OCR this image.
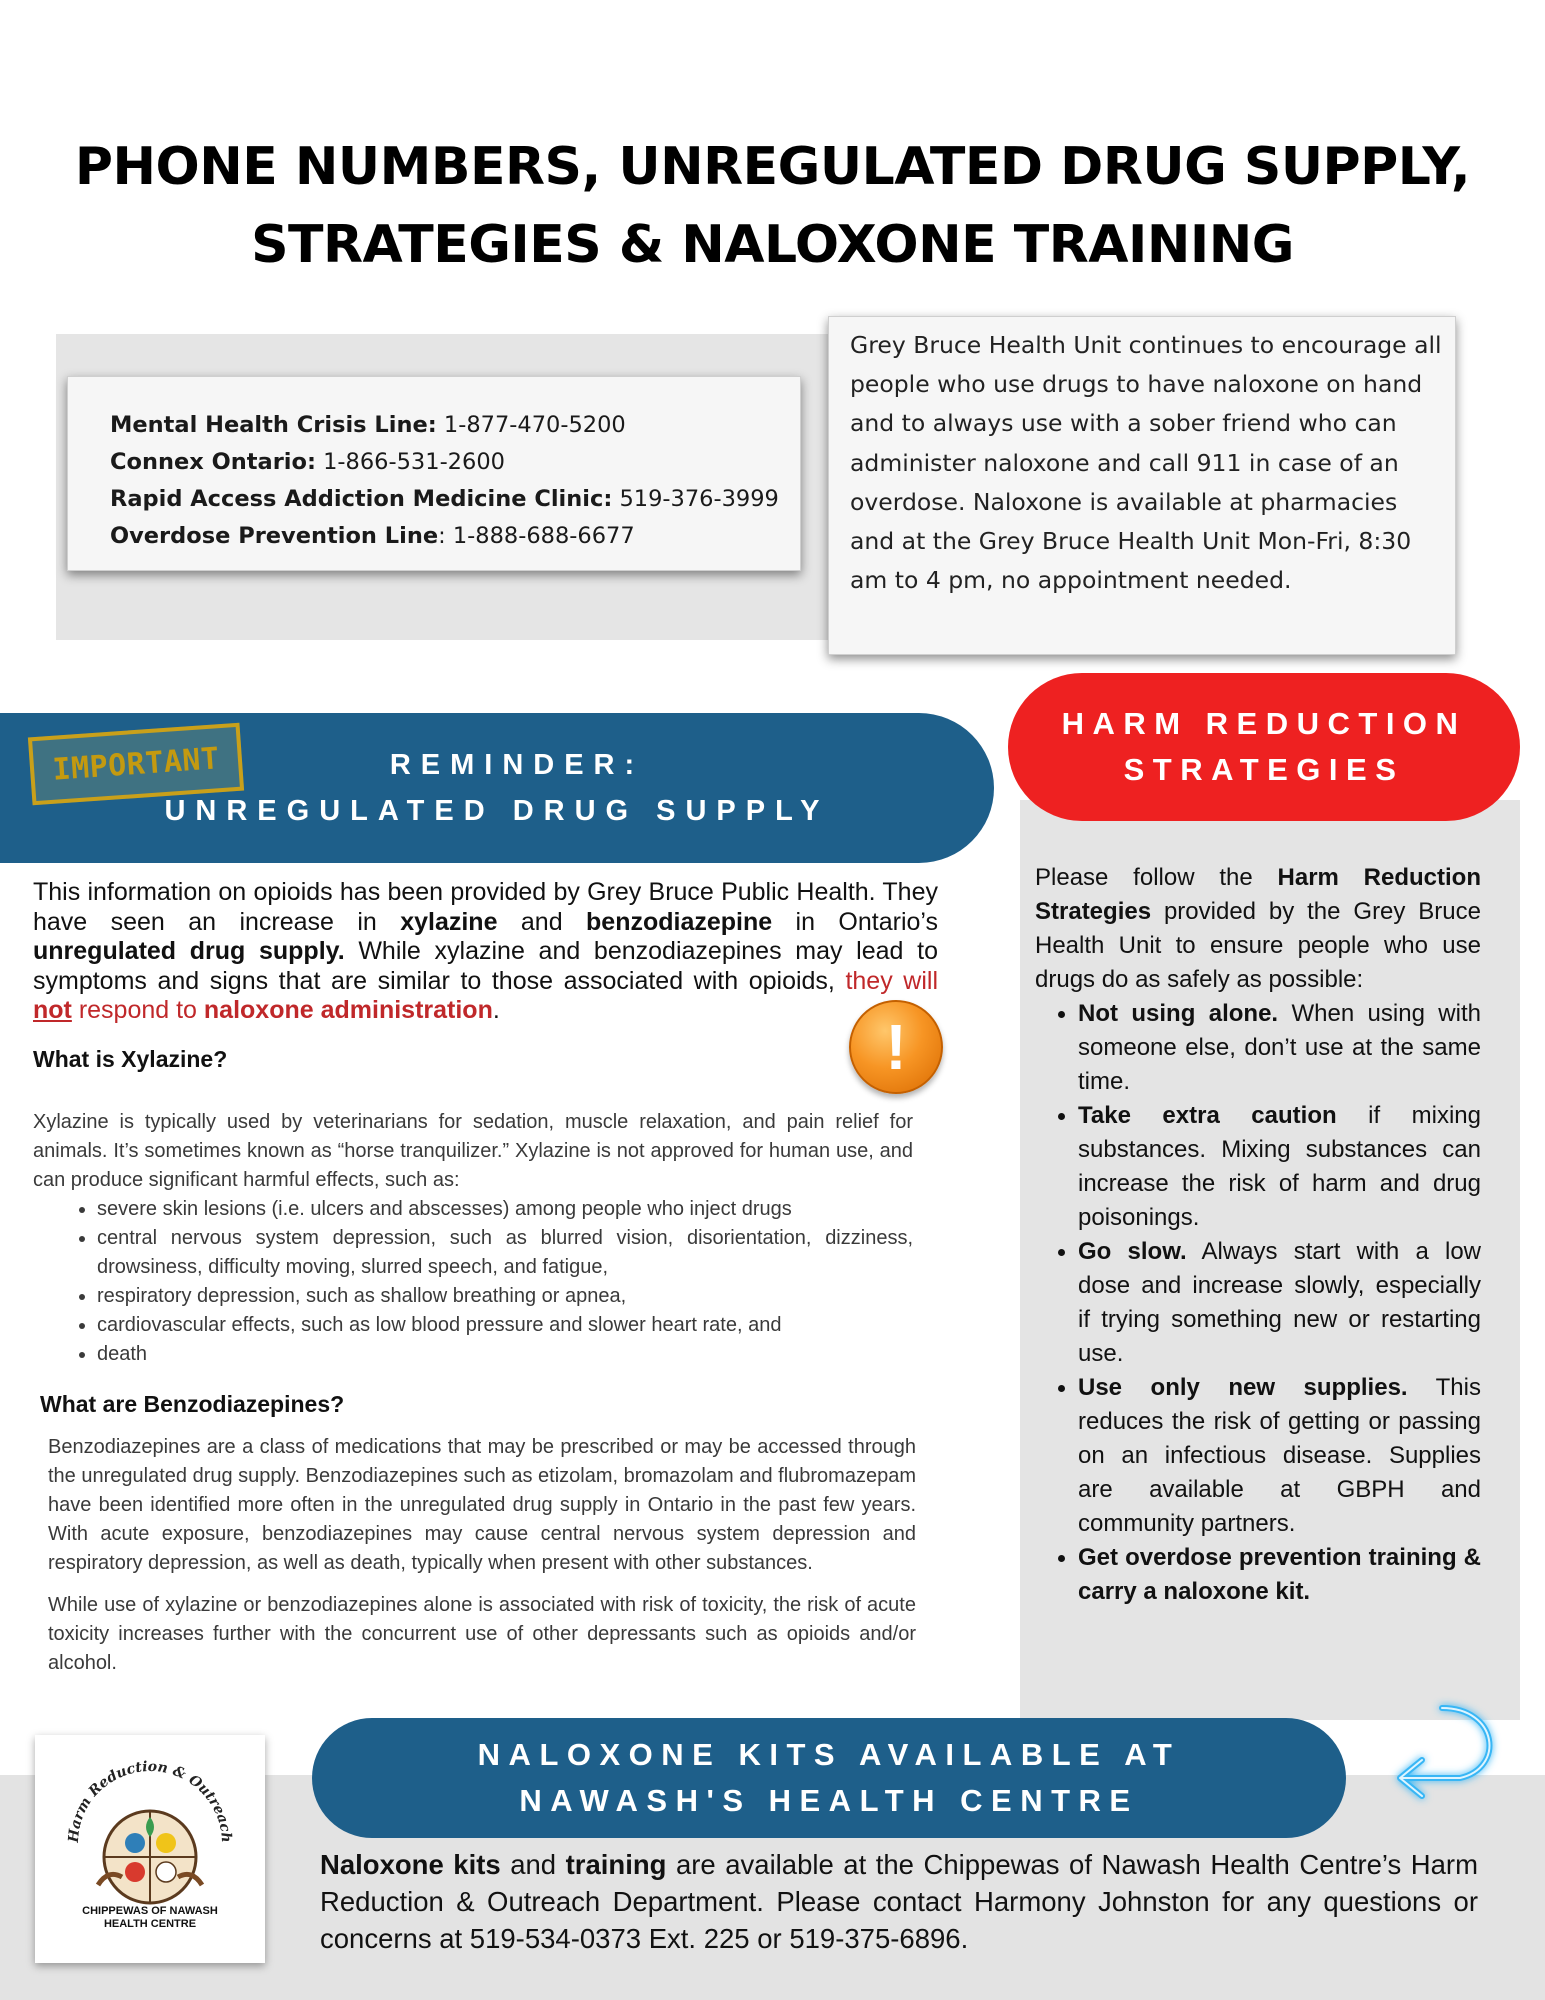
PHONE NUMBERS, UNREGULATED DRUG SUPPLY,
STRATEGIES & NALOXONE TRAINING
Mental Health Crisis Line: 1-877-470-5200
Connex Ontario: 1-866-531-2600
Rapid Access Addiction Medicine Clinic: 519-376-3999
Overdose Prevention Line: 1-888-688-6677

Grey Bruce Health Unit continues to encourage all people who use drugs to have naloxone on hand and to always use with a sober friend who can administer naloxone and call 911 in case of an overdose. Naloxone is available at pharmacies and at the Grey Bruce Health Unit Mon-Fri, 8:30 am to 4 pm, no appointment needed.

REMINDER:
UNREGULATED DRUG SUPPLY
IMPORTANT
HARM REDUCTION
STRATEGIES

Please follow the Harm Reduction Strategies provided by the Grey Bruce Health Unit to ensure people who use drugs do as safely as possible:

• Not using alone. When using with someone else, don’t use at the same time.
• Take extra caution if mixing substances. Mixing substances can increase the risk of harm and drug poisonings.
• Go slow. Always start with a low dose and increase slowly, especially if trying something new or restarting use.
• Use only new supplies. This reduces the risk of getting or passing on an infectious disease. Supplies are available at GBPH and community partners.
• Get overdose prevention training & carry a naloxone kit.
This information on opioids has been provided by Grey Bruce Public Health. They have seen an increase in xylazine and benzodiazepine in Ontario’s unregulated drug supply. While xylazine and benzodiazepines may lead to symptoms and signs that are similar to those associated with opioids, they will not respond to naloxone administration.
!
What is Xylazine?

Xylazine is typically used by veterinarians for sedation, muscle relaxation, and pain relief for animals. It’s sometimes known as “horse tranquilizer.” Xylazine is not approved for human use, and can produce significant harmful effects, such as:

• severe skin lesions (i.e. ulcers and abscesses) among people who inject drugs
• central nervous system depression, such as blurred vision, disorientation, dizziness, drowsiness, difficulty moving, slurred speech, and fatigue,
• respiratory depression, such as shallow breathing or apnea,
• cardiovascular effects, such as low blood pressure and slower heart rate, and
• death
What are Benzodiazepines?

Benzodiazepines are a class of medications that may be prescribed or may be accessed through the unregulated drug supply. Benzodiazepines such as etizolam, bromazolam and flubromazepam have been identified more often in the unregulated drug supply in Ontario in the past few years. With acute exposure, benzodiazepines may cause central nervous system depression and respiratory depression, as well as death, typically when present with other substances.

While use of xylazine or benzodiazepines alone is associated with risk of toxicity, the risk of acute toxicity increases further with the concurrent use of other depressants such as opioids and/or alcohol.

Harm Reduction & Outreach
CHIPPEWAS OF NAWASH
HEALTH CENTRE
NALOXONE KITS AVAILABLE AT
NAWASH'S HEALTH CENTRE

Naloxone kits and training are available at the Chippewas of Nawash Health Centre’s Harm Reduction & Outreach Department. Please contact Harmony Johnston for any questions or concerns at 519-534-0373 Ext. 225 or 519-375-6896.
